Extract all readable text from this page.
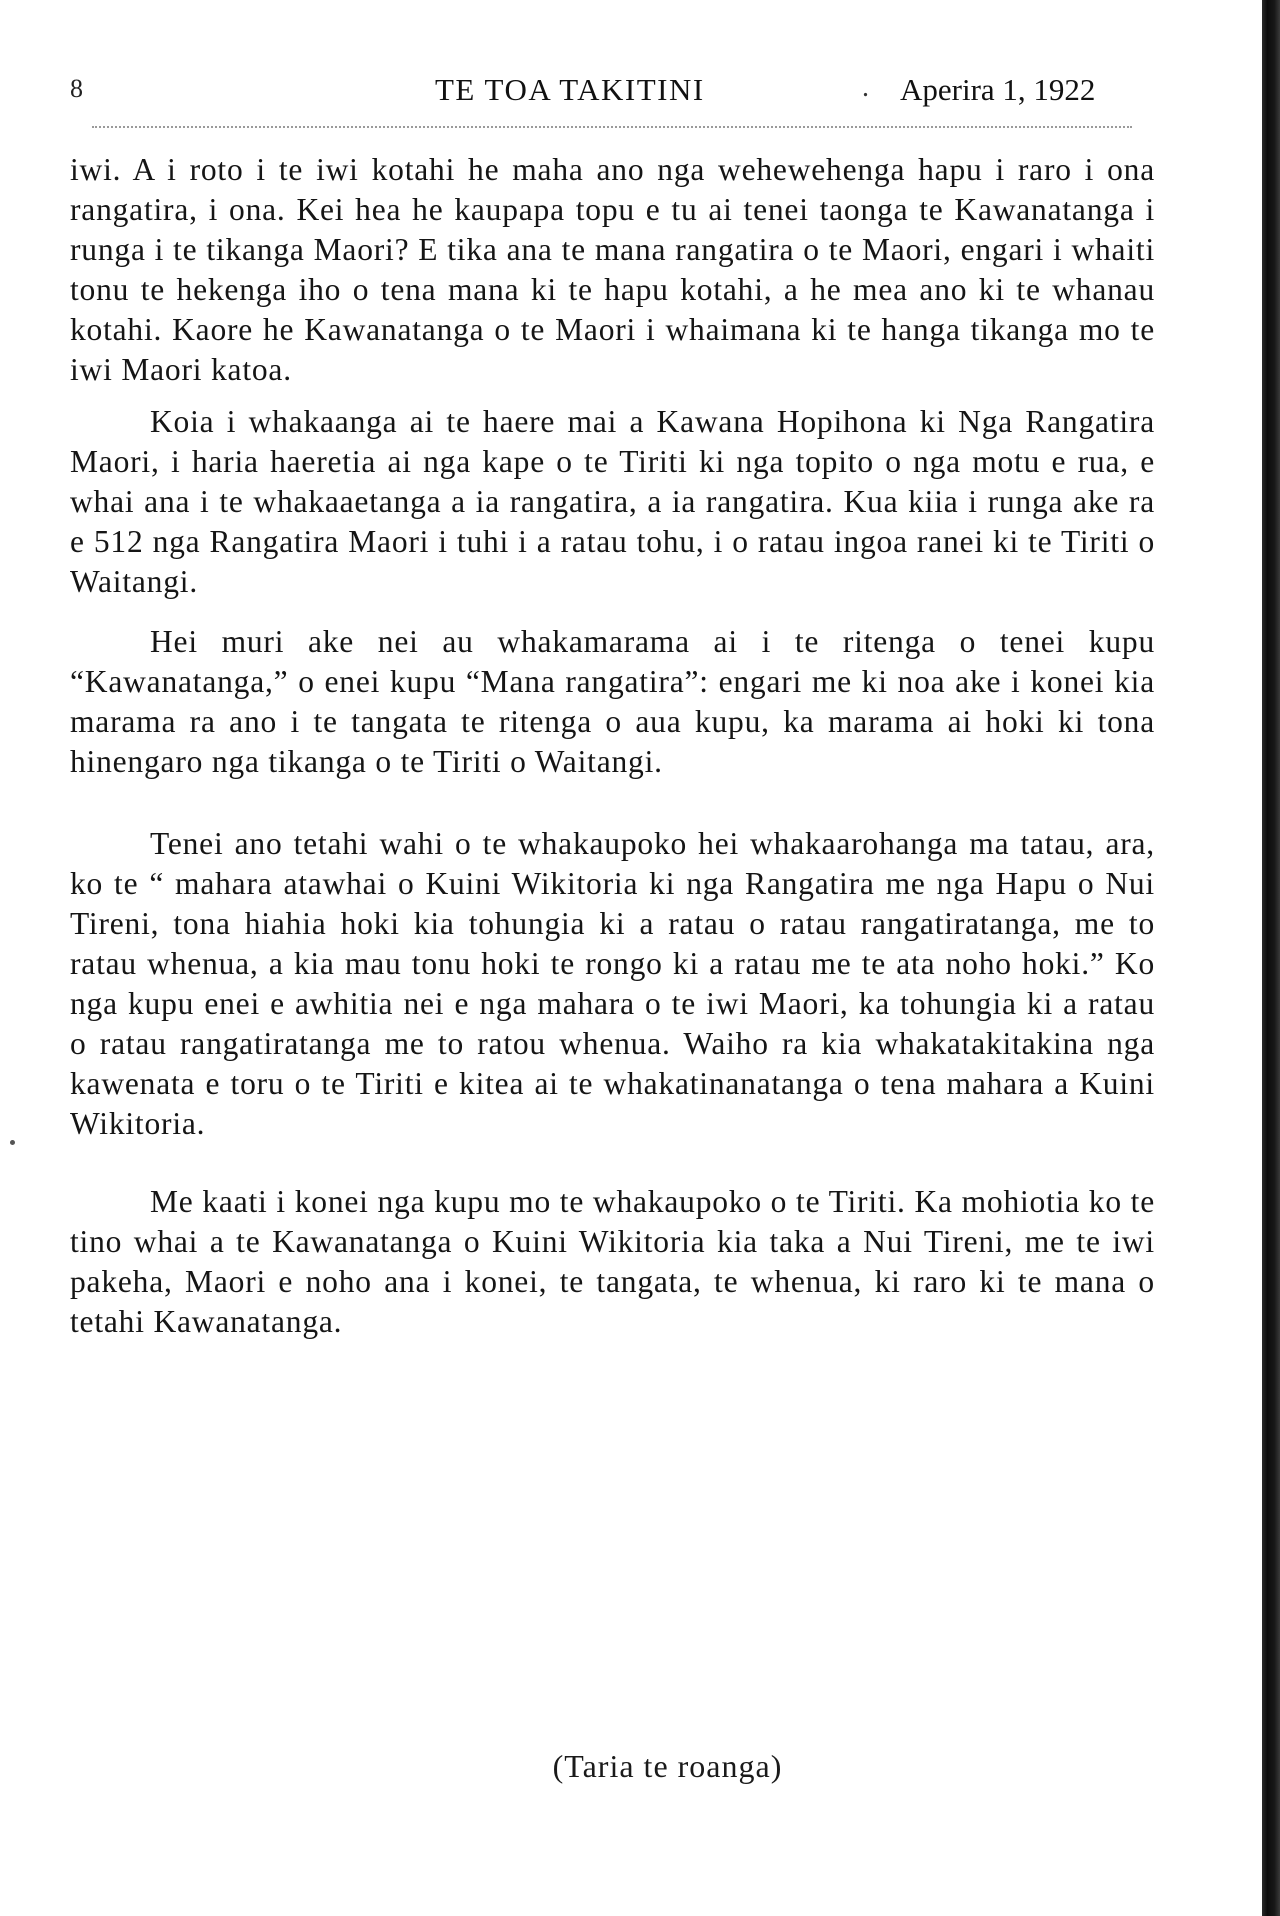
8	TE TOA TAKITINI	. Aperira 1, 1922

iwi. A i roto i te iwi kotahi he maha ano nga wehewehenga hapu i raro i ona rangatira, i ona. Kei hea he kaupapa topu e tu ai tenei taonga te Kawanatanga i runga i te tikanga Maori? E tika ana te mana rangatira o te Maori, engari i whaiti tonu te hekenga iho o tena mana ki te hapu kotahi, a he mea ano ki te whanau kotahi. Kaore he Kawanatanga o te Maori i whaimana ki te hanga tikanga mo te iwi Maori katoa.

Koia i whakaanga ai te haere mai a Kawana Hopihona ki Nga Rangatira Maori, i haria haeretia ai nga kape o te Tiriti ki nga topito o nga motu e rua, e whai ana i te whakaaetanga a ia rangatira, a ia rangatira. Kua kiia i runga ake ra e 512 nga Rangatira Maori i tuhi i a ratau tohu, i o ratau ingoa ranei ki te Tiriti o Waitangi.

Hei muri ake nei au whakamarama ai i te ritenga o tenei kupu “Kawanatanga,” o enei kupu “Mana rangatira”: engari me ki noa ake i konei kia marama ra ano i te tangata te ritenga o aua kupu, ka marama ai hoki ki tona hinengaro nga tikanga o te Tiriti o Waitangi.

Tenei ano tetahi wahi o te whakaupoko hei whakaarohanga ma tatau, ara, ko te “ mahara atawhai o Kuini Wikitoria ki nga Rangatira me nga Hapu o Nui Tireni, tona hiahia hoki kia tohungia ki a ratau o ratau rangatiratanga, me to ratau whenua, a kia mau tonu hoki te rongo ki a ratau me te ata noho hoki.” Ko nga kupu enei e awhitia nei e nga mahara o te iwi Maori, ka tohungia ki a ratau o ratau rangatiratanga me to ratou whenua. Waiho ra kia whakatakitakina nga kawenata e toru o te Tiriti e kitea ai te whakatinanatanga o tena mahara a Kuini Wikitoria.

Me kaati i konei nga kupu mo te whakaupoko o te Tiriti. Ka mohiotia ko te tino whai a te Kawanatanga o Kuini Wikitoria kia taka a Nui Tireni, me te iwi pakeha, Maori e noho ana i konei, te tangata, te whenua, ki raro ki te mana o tetahi Kawanatanga.

(Taria te roanga)
